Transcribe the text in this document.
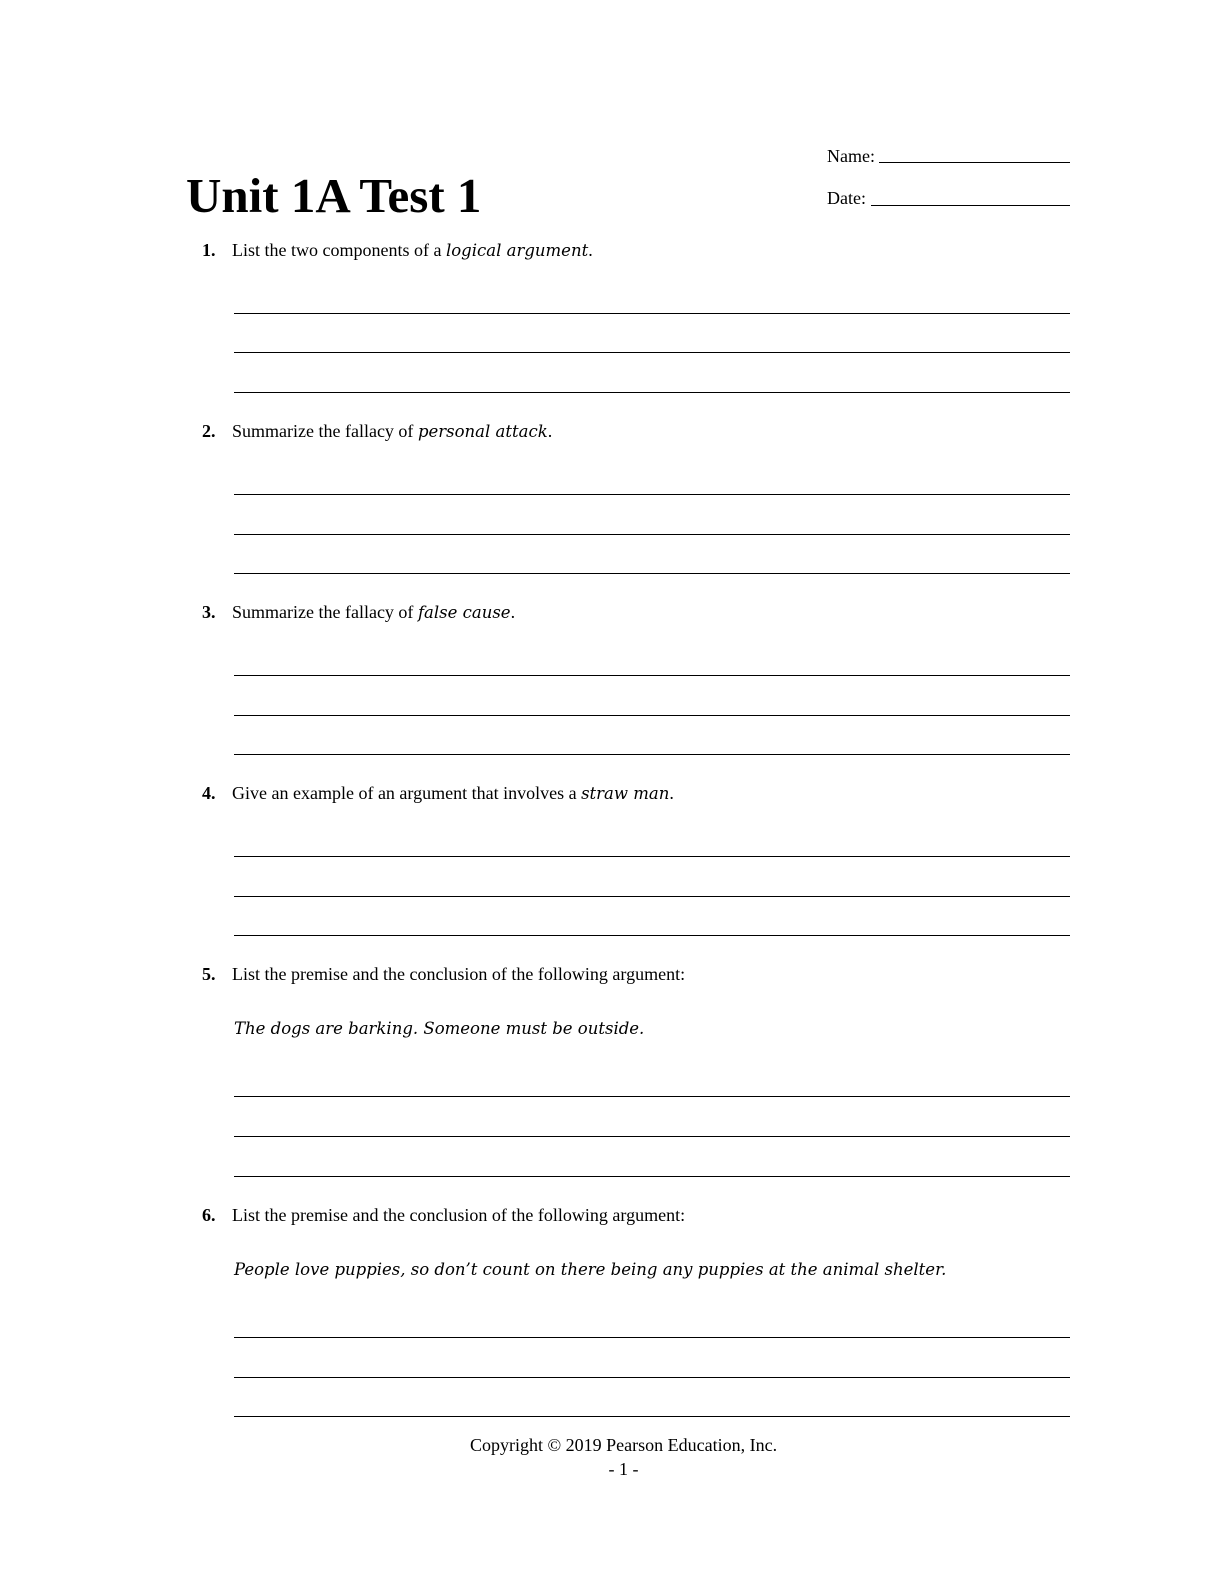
Unit 1A Test 1
Name:
Date:
1. List the two components of a logical argument.
2. Summarize the fallacy of personal attack.
3. Summarize the fallacy of false cause.
4. Give an example of an argument that involves a straw man.
5. List the premise and the conclusion of the following argument:
The dogs are barking. Someone must be outside.
6. List the premise and the conclusion of the following argument:
People love puppies, so don’t count on there being any puppies at the animal shelter.
Copyright © 2019 Pearson Education, Inc.
- 1 -
